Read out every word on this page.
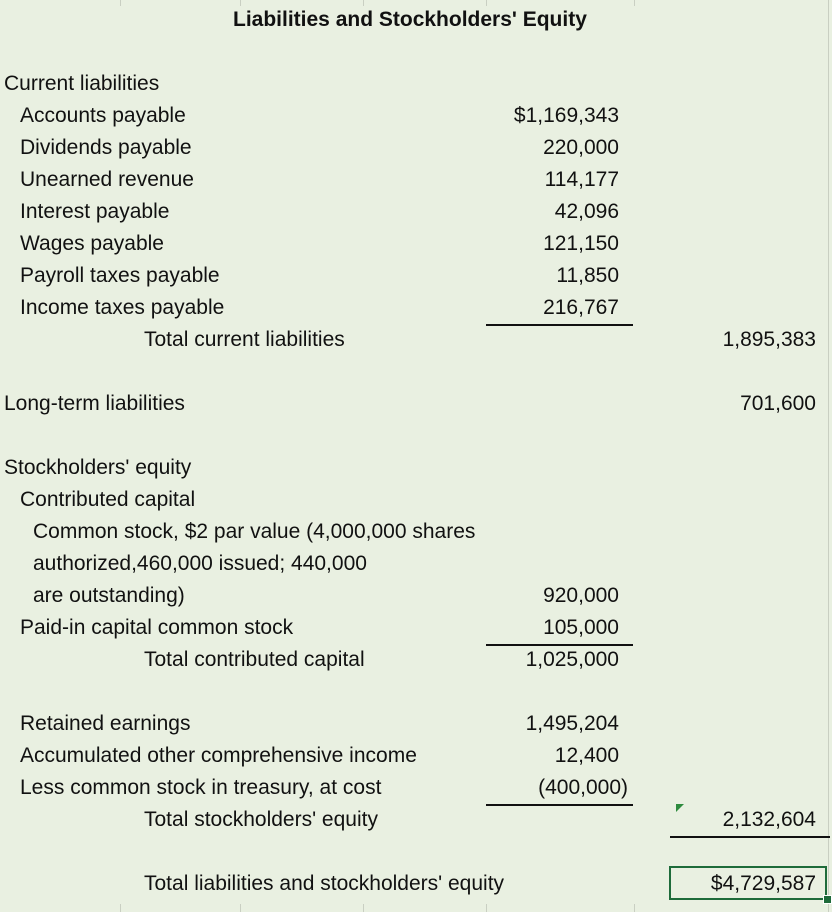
Liabilities and Stockholders' Equity
Current liabilities
Accounts payable	$1,169,343
Dividends payable	220,000
Unearned revenue	114,177
Interest payable	42,096
Wages payable	121,150
Payroll taxes payable	11,850
Income taxes payable	216,767
Total current liabilities	1,895,383
Long-term liabilities	701,600
Stockholders' equity
Contributed capital
Common stock, $2 par value (4,000,000 shares
authorized,460,000 issued; 440,000
are outstanding)	920,000
Paid-in capital common stock	105,000
Total contributed capital	1,025,000
Retained earnings	1,495,204
Accumulated other comprehensive income	12,400
Less common stock in treasury, at cost	(400,000)
Total stockholders' equity	2,132,604
Total liabilities and stockholders' equity	$4,729,587
